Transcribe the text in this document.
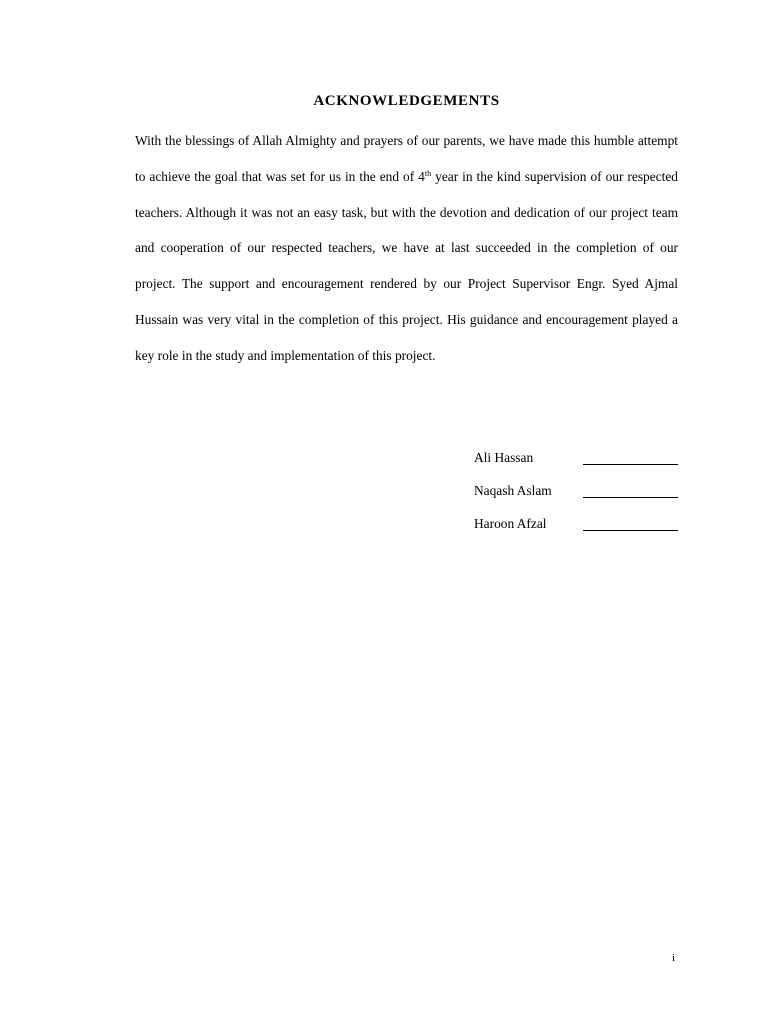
ACKNOWLEDGEMENTS

With the blessings of Allah Almighty and prayers of our parents, we have made this humble attempt to achieve the goal that was set for us in the end of 4th year in the kind supervision of our respected teachers. Although it was not an easy task, but with the devotion and dedication of our project team and cooperation of our respected teachers, we have at last succeeded in the completion of our project. The support and encouragement rendered by our Project Supervisor Engr. Syed Ajmal Hussain was very vital in the completion of this project. His guidance and encouragement played a key role in the study and implementation of this project.

Ali Hassan
Naqash Aslam
Haroon Afzal
i
